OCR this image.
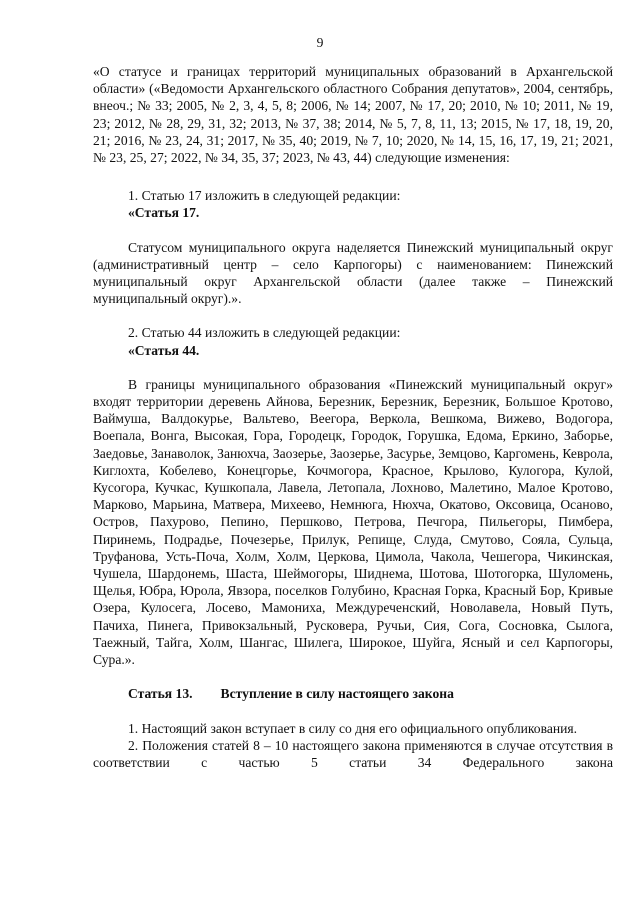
9

«О статусе и границах территорий муниципальных образований в Архангельской области» («Ведомости Архангельского областного Собрания депутатов», 2004, сентябрь, внеоч.; № 33; 2005, № 2, 3, 4, 5, 8; 2006, № 14; 2007, № 17, 20; 2010, № 10; 2011, № 19, 23; 2012, № 28, 29, 31, 32; 2013, № 37, 38; 2014, № 5, 7, 8, 11, 13; 2015, № 17, 18, 19, 20, 21; 2016, № 23, 24, 31; 2017, № 35, 40; 2019, № 7, 10; 2020, № 14, 15, 16, 17, 19, 21; 2021, № 23, 25, 27; 2022, № 34, 35, 37; 2023, № 43, 44) следующие изменения:

1. Статью 17 изложить в следующей редакции:

«Статья 17.

Статусом муниципального округа наделяется Пинежский муниципальный округ (административный центр – село Карпогоры) с наименованием: Пинежский муниципальный округ Архангельской области (далее также – Пинежский муниципальный округ).».

2. Статью 44 изложить в следующей редакции:

«Статья 44.

В границы муниципального образования «Пинежский муниципальный округ» входят территории деревень Айнова, Березник, Березник, Березник, Большое Кротово, Ваймуша, Валдокурье, Вальтево, Веегора, Веркола, Вешкома, Вижево, Водогора, Воепала, Вонга, Высокая, Гора, Городецк, Городок, Горушка, Едома, Еркино, Заборье, Заедовье, Занаволок, Занюхча, Заозерье, Заозерье, Засурье, Земцово, Каргомень, Кеврола, Киглохта, Кобелево, Конецгорье, Кочмогора, Красное, Крылово, Кулогора, Кулой, Кусогора, Кучкас, Кушкопала, Лавела, Летопала, Лохново, Малетино, Малое Кротово, Марково, Марьина, Матвера, Михеево, Немнюга, Нюхча, Окатово, Оксовица, Осаново, Остров, Пахурово, Пепино, Першково, Петрова, Печгора, Пильегоры, Пимбера, Пиринемь, Подрадье, Почезерье, Прилук, Репище, Слуда, Смутово, Сояла, Сульца, Труфанова, Усть-Поча, Холм, Холм, Церкова, Цимола, Чакола, Чешегора, Чикинская, Чушела, Шардонемь, Шаста, Шеймогоры, Шиднема, Шотова, Шотогорка, Шуломень, Щелья, Юбра, Юрола, Явзора, поселков Голубино, Красная Горка, Красный Бор, Кривые Озера, Кулосега, Лосево, Мамониха, Междуреченский, Новолавела, Новый Путь, Пачиха, Пинега, Привокзальный, Русковера, Ручьи, Сия, Сога, Сосновка, Сылога, Таежный, Тайга, Холм, Шангас, Шилега, Широкое, Шуйга, Ясный и сел Карпогоры, Сура.».

Статья 13. Вступление в силу настоящего закона

1. Настоящий закон вступает в силу со дня его официального опубликования.

2. Положения статей 8 – 10 настоящего закона применяются в случае отсутствия в соответствии с частью 5 статьи 34 Федерального закона
